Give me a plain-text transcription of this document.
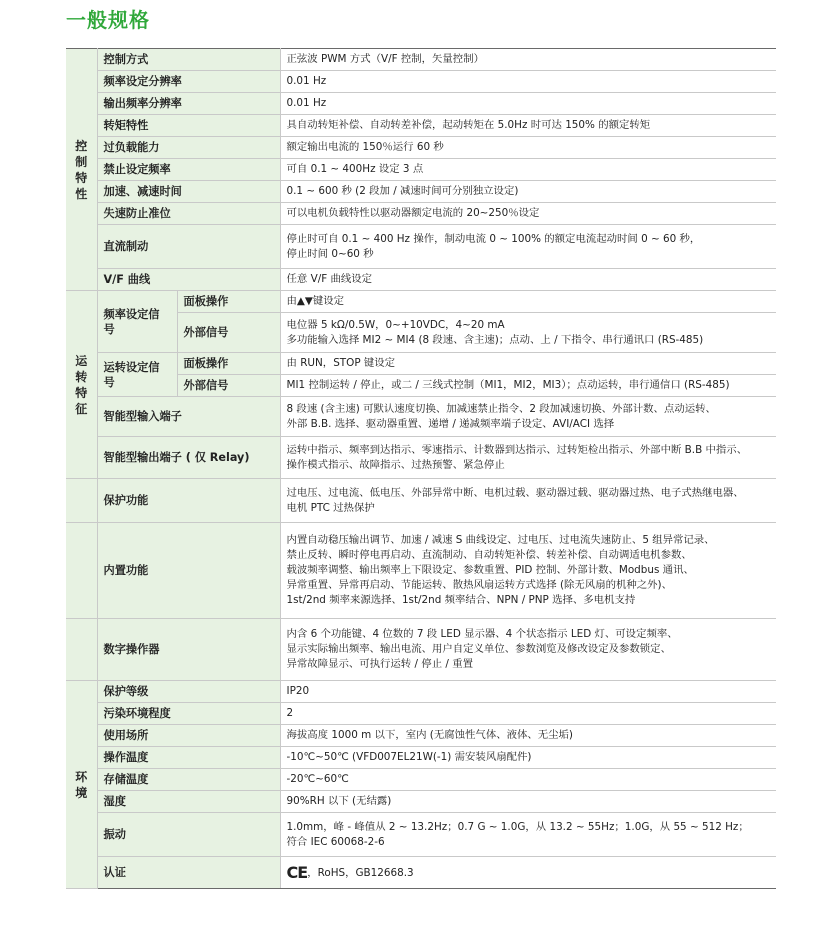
一般规格
控
制
特
性	控制方式		正弦波 PWM 方式（V/F 控制，矢量控制）

	频率设定分辨率		0.01 Hz

	输出频率分辨率		0.01 Hz

	转矩特性		具自动转矩补偿、自动转差补偿，起动转矩在 5.0Hz 时可达 150% 的额定转矩

	过负载能力		额定输出电流的 150％运行 60 秒

	禁止设定频率		可自 0.1 ~ 400Hz 设定 3 点

	加速、减速时间		0.1 ~ 600 秒 (2 段加 / 减速时间可分别独立设定)

	失速防止准位		可以电机负载特性以驱动器额定电流的 20~250％设定

	直流制动		停止时可自 0.1 ~ 400 Hz 操作，制动电流 0 ~ 100% 的额定电流起动时间 0 ~ 60 秒，
停止时间 0~60 秒

	V/F 曲线		任意 V/F 曲线设定

运
转
特
征	频率设定信号	面板操作	由▲▼键设定

		外部信号	电位器 5 kΩ/0.5W，0~+10VDC，4~20 mA
多功能输入选择 MI2 ~ MI4 (8 段速、含主速)；点动、上 / 下指令、串行通讯口 (RS-485)

	运转设定信号	面板操作	由 RUN，STOP 键设定

		外部信号	MI1 控制运转 / 停止，或二 / 三线式控制（MI1，MI2，MI3）；点动运转，串行通信口 (RS-485)

	智能型输入端子		8 段速 (含主速) 可默认速度切换、加减速禁止指令、2 段加减速切换、外部计数、点动运转、
外部 B.B. 选择、驱动器重置、递增 / 递减频率端子设定、AVI/ACI 选择

	智能型输出端子 ( 仅 Relay)		运转中指示、频率到达指示、零速指示、计数器到达指示、过转矩检出指示、外部中断 B.B 中指示、
操作模式指示、故障指示、过热预警、紧急停止

	保护功能		过电压、过电流、低电压、外部异常中断、电机过载、驱动器过载、驱动器过热、电子式热继电器、
电机 PTC 过热保护

	内置功能		内置自动稳压输出调节、加速 / 减速 S 曲线设定、过电压、过电流失速防止、5 组异常记录、
禁止反转、瞬时停电再启动、直流制动、自动转矩补偿、转差补偿、自动调适电机参数、
载波频率调整、输出频率上下限设定、参数重置、PID 控制、外部计数、Modbus 通讯、
异常重置、异常再启动、节能运转、散热风扇运转方式选择 (除无风扇的机种之外)、
1st/2nd 频率来源选择、1st/2nd 频率结合、NPN / PNP 选择、多电机支持

	数字操作器		内含 6 个功能键、4 位数的 7 段 LED 显示器、4 个状态指示 LED 灯、可设定频率、
显示实际输出频率、输出电流、用户自定义单位、参数浏览及修改设定及参数锁定、
异常故障显示、可执行运转 / 停止 / 重置

环
境	保护等级		IP20

	污染环境程度		2

	使用场所		海拔高度 1000 m 以下，室内 (无腐蚀性气体、液体、无尘垢)

	操作温度		-10℃~50℃ (VFD007EL21W(-1) 需安装风扇配件)

	存储温度		-20℃~60℃

	湿度		90%RH 以下 (无结露)

	振动		1.0mm，峰 - 峰值从 2 ~ 13.2Hz；0.7 G ~ 1.0G，从 13.2 ~ 55Hz；1.0G，从 55 ~ 512 Hz；
符合 IEC 60068-2-6

	认证		CE，RoHS，GB12668.3
